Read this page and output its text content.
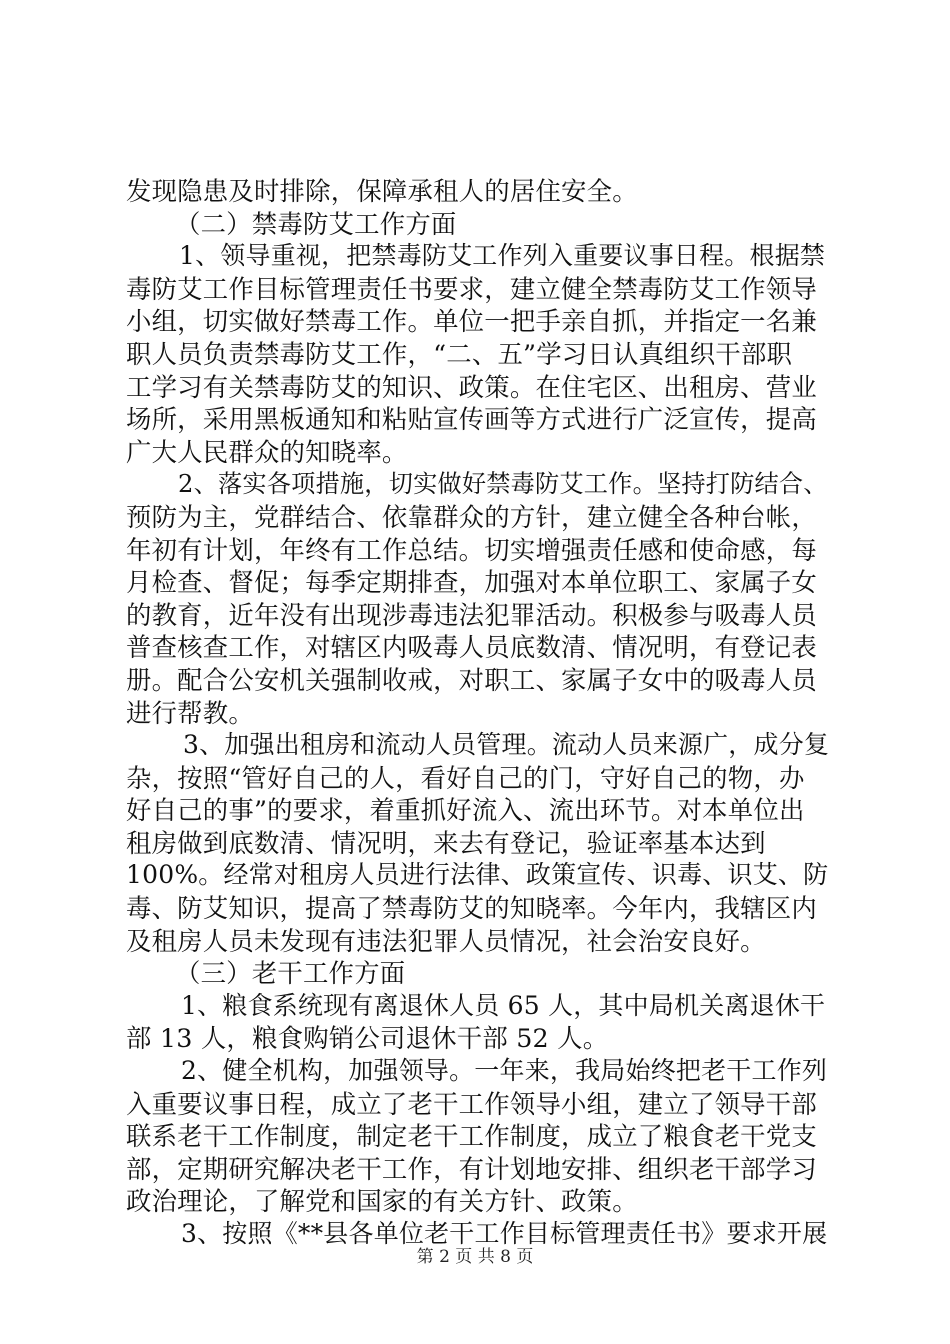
发现隐患及时排除，保障承租人的居住安全。
（二）禁毒防艾工作方面
1、领导重视，把禁毒防艾工作列入重要议事日程。根据禁
毒防艾工作目标管理责任书要求，建立健全禁毒防艾工作领导
小组，切实做好禁毒工作。单位一把手亲自抓，并指定一名兼
职人员负责禁毒防艾工作，“二、五”学习日认真组织干部职
工学习有关禁毒防艾的知识、政策。在住宅区、出租房、营业
场所，采用黑板通知和粘贴宣传画等方式进行广泛宣传，提高
广大人民群众的知晓率。
2、落实各项措施，切实做好禁毒防艾工作。坚持打防结合、
预防为主，党群结合、依靠群众的方针，建立健全各种台帐，
年初有计划，年终有工作总结。切实增强责任感和使命感，每
月检查、督促；每季定期排查，加强对本单位职工、家属子女
的教育，近年没有出现涉毒违法犯罪活动。积极参与吸毒人员
普查核查工作，对辖区内吸毒人员底数清、情况明，有登记表
册。配合公安机关强制收戒，对职工、家属子女中的吸毒人员
进行帮教。
3、加强出租房和流动人员管理。流动人员来源广，成分复
杂，按照“管好自己的人，看好自己的门，守好自己的物，办
好自己的事”的要求，着重抓好流入、流出环节。对本单位出
租房做到底数清、情况明，来去有登记，验证率基本达到
100%。经常对租房人员进行法律、政策宣传、识毒、识艾、防
毒、防艾知识，提高了禁毒防艾的知晓率。今年内，我辖区内
及租房人员未发现有违法犯罪人员情况，社会治安良好。
（三）老干工作方面
1、粮食系统现有离退休人员 65 人，其中局机关离退休干
部 13 人，粮食购销公司退休干部 52 人。
2、健全机构，加强领导。一年来，我局始终把老干工作列
入重要议事日程，成立了老干工作领导小组，建立了领导干部
联系老干工作制度，制定老干工作制度，成立了粮食老干党支
部，定期研究解决老干工作，有计划地安排、组织老干部学习
政治理论，了解党和国家的有关方针、政策。
3、按照《**县各单位老干工作目标管理责任书》要求开展
第 2 页 共 8 页
